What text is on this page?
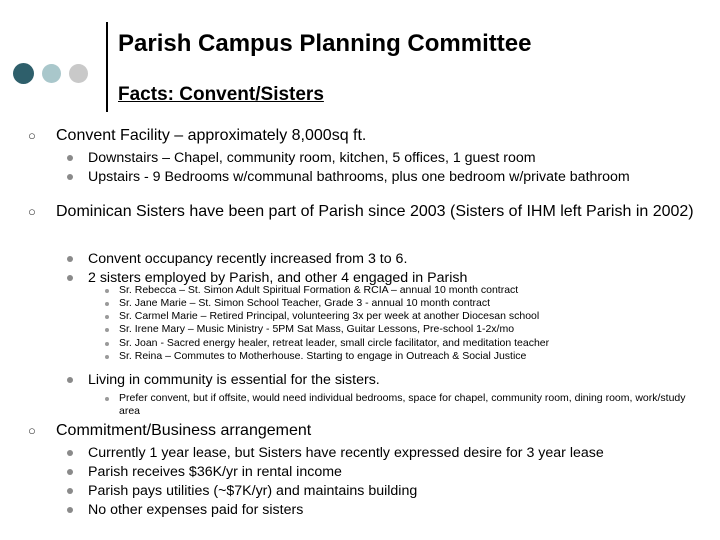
Parish Campus Planning Committee
Facts: Convent/Sisters
○ Convent Facility – approximately 8,000sq ft.
Downstairs – Chapel, community room, kitchen, 5 offices, 1 guest room
Upstairs - 9 Bedrooms w/communal bathrooms, plus one bedroom w/private bathroom
○ Dominican Sisters have been part of Parish since 2003 (Sisters of IHM left Parish in 2002)
Convent occupancy recently increased from 3 to 6.
2 sisters employed by Parish, and other 4 engaged in Parish
Sr. Rebecca – St. Simon Adult Spiritual Formation & RCIA – annual 10 month contract
Sr. Jane Marie – St. Simon School Teacher, Grade 3 - annual 10 month contract
Sr. Carmel Marie – Retired Principal, volunteering 3x per week at another Diocesan school
Sr. Irene Mary – Music Ministry - 5PM Sat Mass, Guitar Lessons, Pre-school 1-2x/mo
Sr. Joan - Sacred energy healer, retreat leader, small circle facilitator, and meditation teacher
Sr. Reina – Commutes to Motherhouse. Starting to engage in Outreach & Social Justice
Living in community is essential for the sisters.
Prefer convent, but if offsite, would need individual bedrooms, space for chapel, community room, dining room, work/study area
○ Commitment/Business arrangement
Currently 1 year lease, but Sisters have recently expressed desire for 3 year lease
Parish receives $36K/yr in rental income
Parish pays utilities (~$7K/yr) and maintains building
No other expenses paid for sisters
